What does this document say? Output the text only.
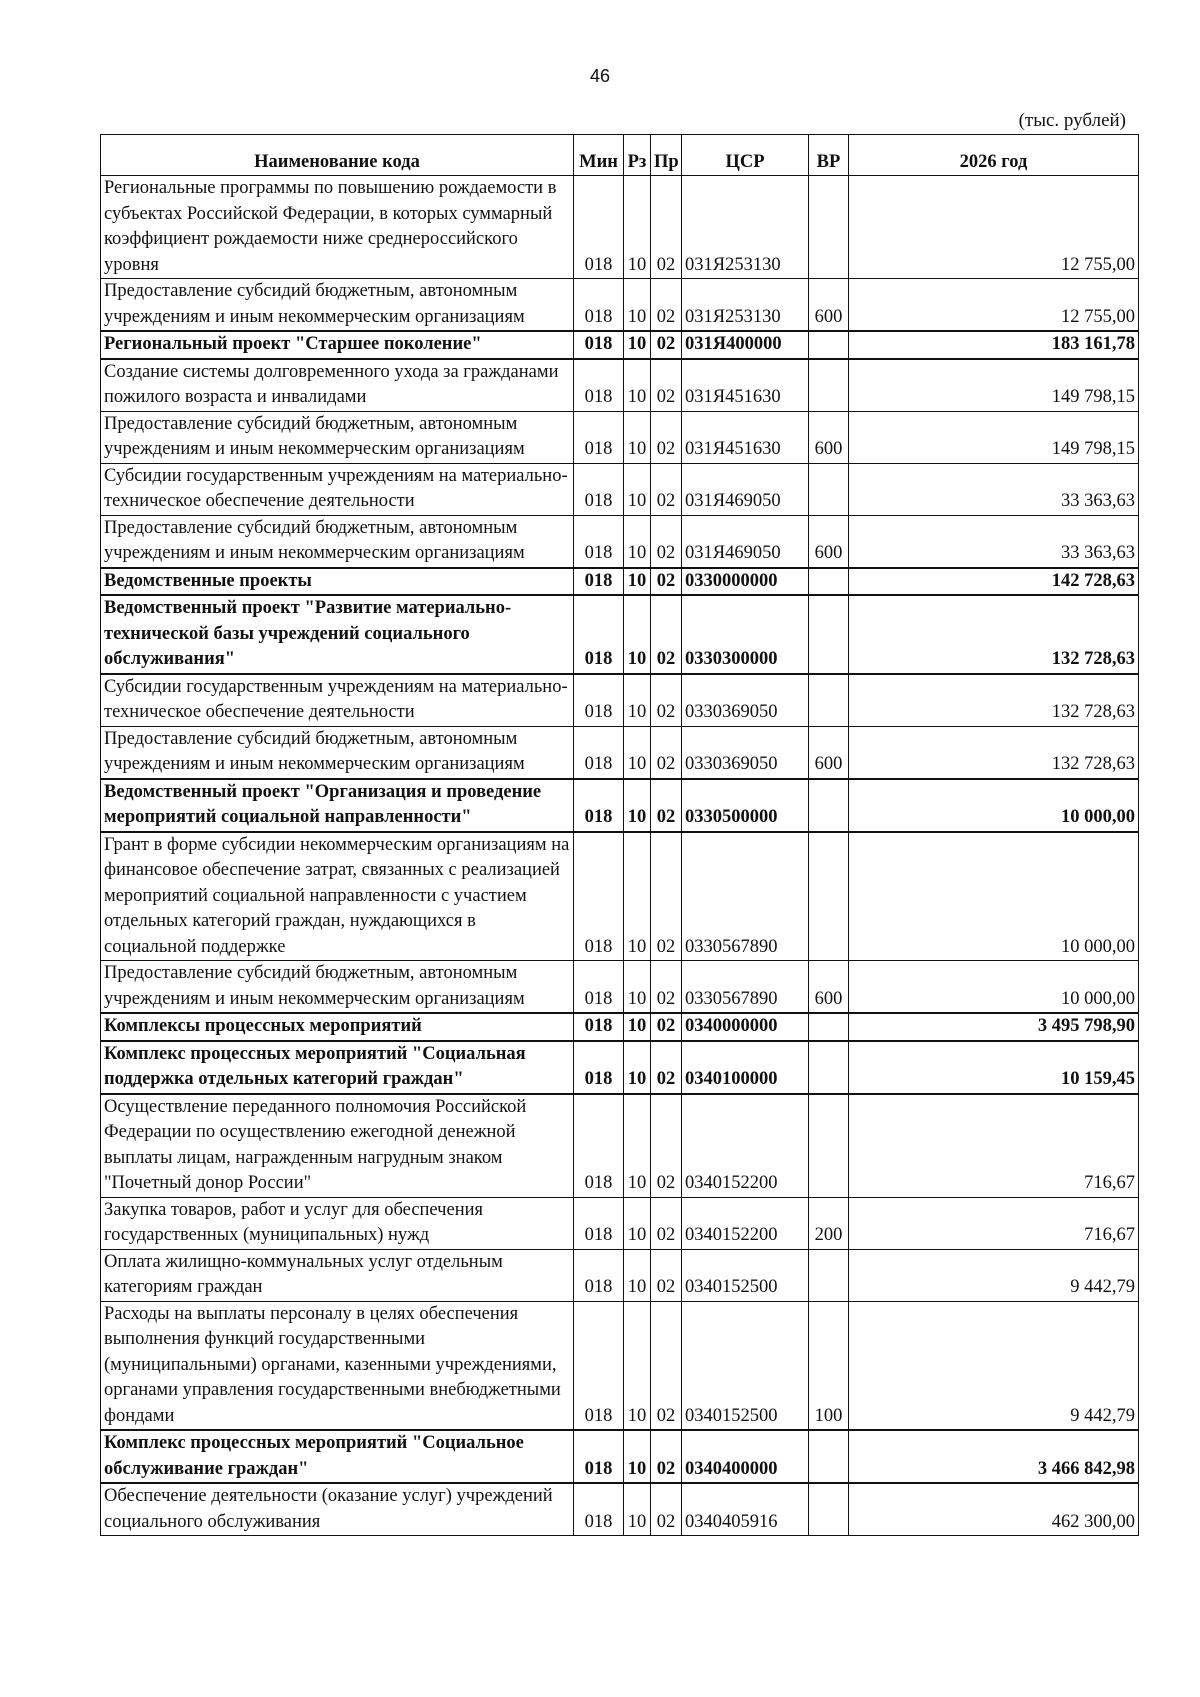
46
(тыс. рублей)
Наименование кода	Мин	Рз	Пр	ЦСР	ВР	2026 год
Региональные программы по повышению рождаемости в субъектах Российской Федерации, в которых суммарный коэффициент рождаемости ниже среднероссийского уровня	018	10	02	031Я253130		12 755,00
Предоставление субсидий бюджетным, автономным учреждениям и иным некоммерческим организациям	018	10	02	031Я253130	600	12 755,00
Региональный проект "Старшее поколение"	018	10	02	031Я400000		183 161,78
Создание системы долговременного ухода за гражданами пожилого возраста и инвалидами	018	10	02	031Я451630		149 798,15
Предоставление субсидий бюджетным, автономным учреждениям и иным некоммерческим организациям	018	10	02	031Я451630	600	149 798,15
Субсидии государственным учреждениям на материально-техническое обеспечение деятельности	018	10	02	031Я469050		33 363,63
Предоставление субсидий бюджетным, автономным учреждениям и иным некоммерческим организациям	018	10	02	031Я469050	600	33 363,63
Ведомственные проекты	018	10	02	0330000000		142 728,63
Ведомственный проект "Развитие материально-технической базы учреждений социального обслуживания"	018	10	02	0330300000		132 728,63
Субсидии государственным учреждениям на материально-техническое обеспечение деятельности	018	10	02	0330369050		132 728,63
Предоставление субсидий бюджетным, автономным учреждениям и иным некоммерческим организациям	018	10	02	0330369050	600	132 728,63
Ведомственный проект "Организация и проведение мероприятий социальной направленности"	018	10	02	0330500000		10 000,00
Грант в форме субсидии некоммерческим организациям на финансовое обеспечение затрат, связанных с реализацией мероприятий социальной направленности с участием отдельных категорий граждан, нуждающихся в социальной поддержке	018	10	02	0330567890		10 000,00
Предоставление субсидий бюджетным, автономным учреждениям и иным некоммерческим организациям	018	10	02	0330567890	600	10 000,00
Комплексы процессных мероприятий	018	10	02	0340000000		3 495 798,90
Комплекс процессных мероприятий "Социальная поддержка отдельных категорий граждан"	018	10	02	0340100000		10 159,45
Осуществление переданного полномочия Российской Федерации по осуществлению ежегодной денежной выплаты лицам, награжденным нагрудным знаком "Почетный донор России"	018	10	02	0340152200		716,67
Закупка товаров, работ и услуг для обеспечения государственных (муниципальных) нужд	018	10	02	0340152200	200	716,67
Оплата жилищно-коммунальных услуг отдельным категориям граждан	018	10	02	0340152500		9 442,79
Расходы на выплаты персоналу в целях обеспечения выполнения функций государственными (муниципальными) органами, казенными учреждениями, органами управления государственными внебюджетными фондами	018	10	02	0340152500	100	9 442,79
Комплекс процессных мероприятий "Социальное обслуживание граждан"	018	10	02	0340400000		3 466 842,98
Обеспечение деятельности (оказание услуг) учреждений социального обслуживания	018	10	02	0340405916		462 300,00
